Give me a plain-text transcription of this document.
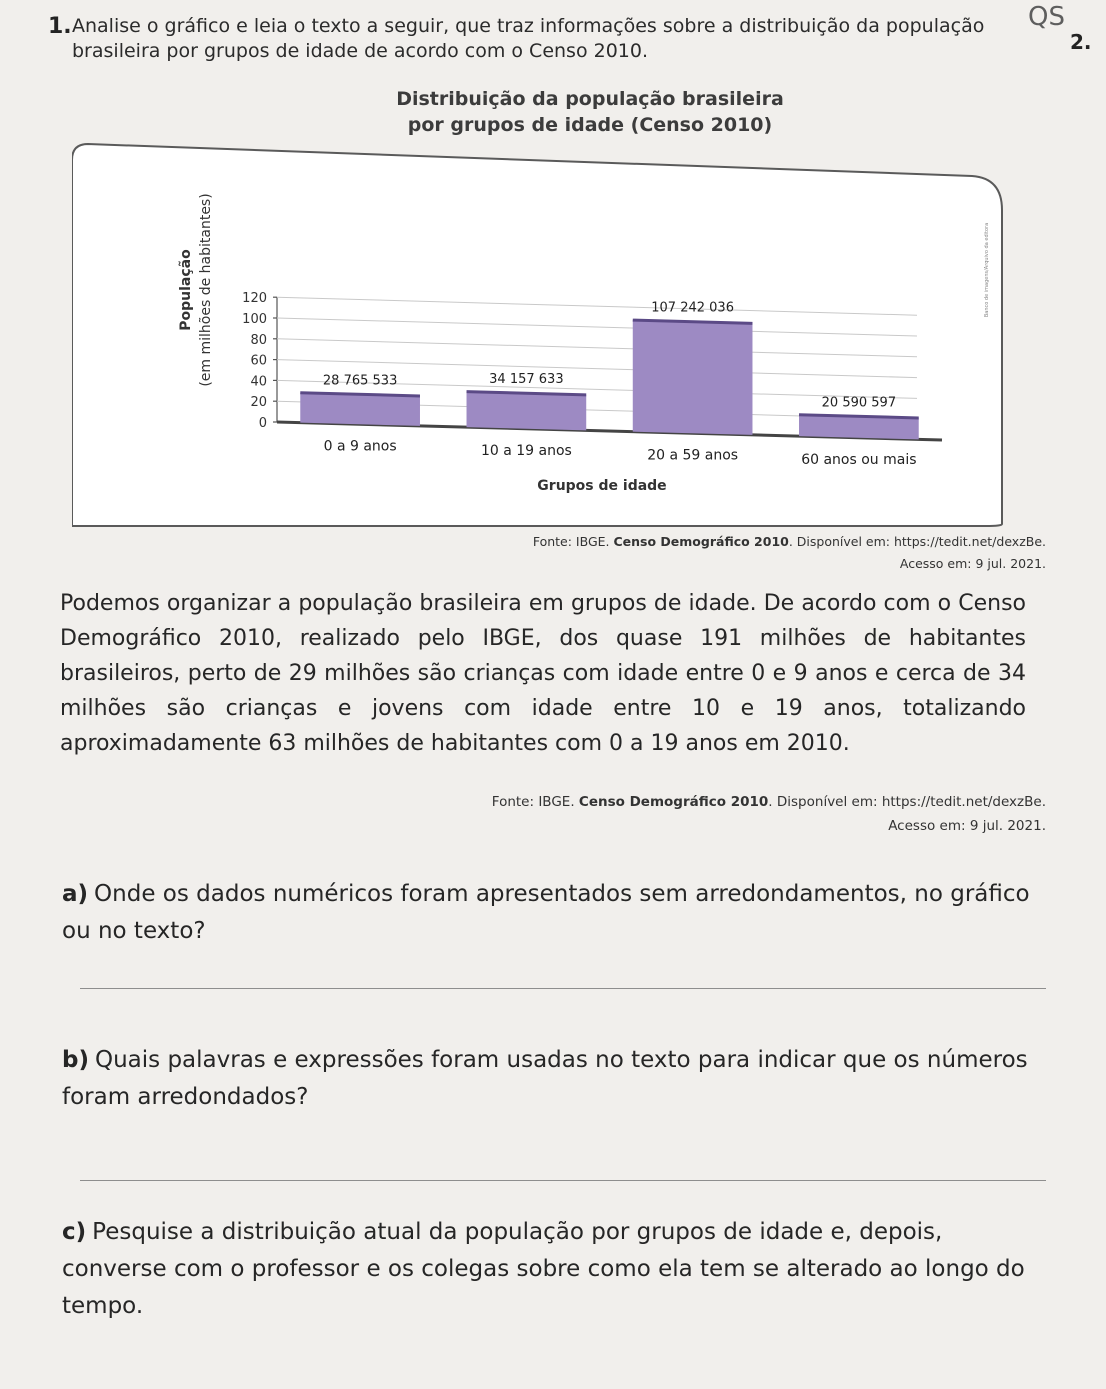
1. Analise o gráfico e leia o texto a seguir, que traz informações sobre a distribuição da população brasileira por grupos de idade de acordo com o Censo 2010.
QS
2.
Distribuição da população brasileira
por grupos de idade (Censo 2010)
0
20
40
60
80
100
120
28 765 533
0 a 9 anos
34 157 633
10 a 19 anos
107 242 036
20 a 59 anos
20 590 597
60 anos ou mais
População (em milhões de habitantes)
Grupos de idade
Banco de imagens/Arquivo da editora
Fonte: IBGE. Censo Demográfico 2010. Disponível em: https://tedit.net/dexzBe.
Acesso em: 9 jul. 2021.

Podemos organizar a população brasileira em grupos de idade. De acordo com o Censo Demográfico 2010, realizado pelo IBGE, dos quase 191 milhões de habitantes brasileiros, perto de 29 milhões são crianças com idade entre 0 e 9 anos e cerca de 34 milhões são crianças e jovens com idade entre 10 e 19 anos, totalizando aproximadamente 63 milhões de habitantes com 0 a 19 anos em 2010.

Fonte: IBGE. Censo Demográfico 2010. Disponível em: https://tedit.net/dexzBe.
Acesso em: 9 jul. 2021.
a) Onde os dados numéricos foram apresentados sem arredondamentos, no gráfico ou no texto?
b) Quais palavras e expressões foram usadas no texto para indicar que os números foram arredondados?
c) Pesquise a distribuição atual da população por grupos de idade e, depois, converse com o professor e os colegas sobre como ela tem se alterado ao longo do tempo.
